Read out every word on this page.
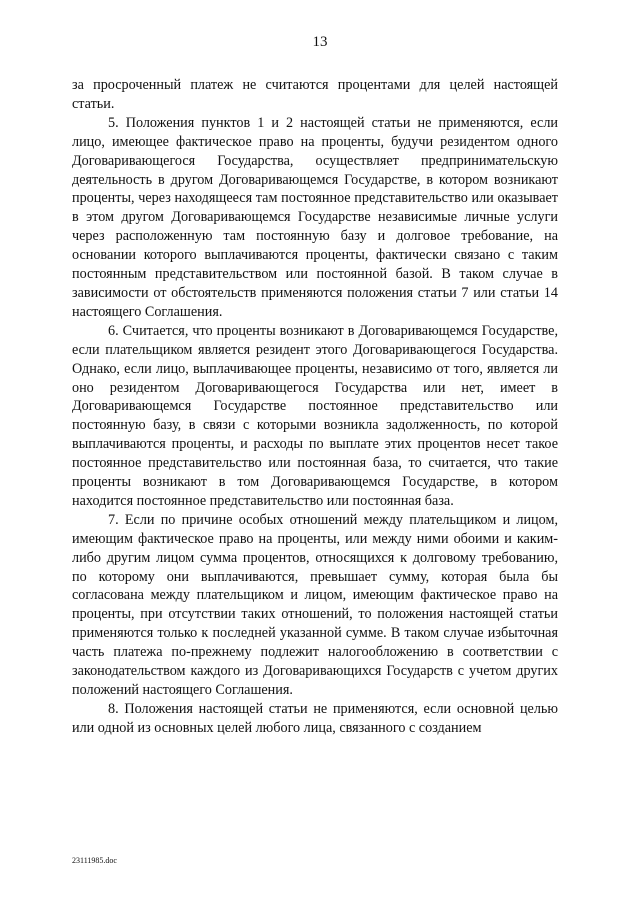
13

за просроченный платеж не считаются процентами для целей настоящей статьи.

5. Положения пунктов 1 и 2 настоящей статьи не применяются, если лицо, имеющее фактическое право на проценты, будучи резидентом одного Договаривающегося Государства, осуществляет предпринимательскую деятельность в другом Договаривающемся Государстве, в котором возникают проценты, через находящееся там постоянное представительство или оказывает в этом другом Договаривающемся Государстве независимые личные услуги через расположенную там постоянную базу и долговое требование, на основании которого выплачиваются проценты, фактически связано с таким постоянным представительством или постоянной базой. В таком случае в зависимости от обстоятельств применяются положения статьи 7 или статьи 14 настоящего Соглашения.

6. Считается, что проценты возникают в Договаривающемся Государстве, если плательщиком является резидент этого Договаривающегося Государства. Однако, если лицо, выплачивающее проценты, независимо от того, является ли оно резидентом Договаривающегося Государства или нет, имеет в Договаривающемся Государстве постоянное представительство или постоянную базу, в связи с которыми возникла задолженность, по которой выплачиваются проценты, и расходы по выплате этих процентов несет такое постоянное представительство или постоянная база, то считается, что такие проценты возникают в том Договаривающемся Государстве, в котором находится постоянное представительство или постоянная база.

7. Если по причине особых отношений между плательщиком и лицом, имеющим фактическое право на проценты, или между ними обоими и каким-либо другим лицом сумма процентов, относящихся к долговому требованию, по которому они выплачиваются, превышает сумму, которая была бы согласована между плательщиком и лицом, имеющим фактическое право на проценты, при отсутствии таких отношений, то положения настоящей статьи применяются только к последней указанной сумме. В таком случае избыточная часть платежа по-прежнему подлежит налогообложению в соответствии с законодательством каждого из Договаривающихся Государств с учетом других положений настоящего Соглашения.

8. Положения настоящей статьи не применяются, если основной целью или одной из основных целей любого лица, связанного с созданием

23111985.doc
